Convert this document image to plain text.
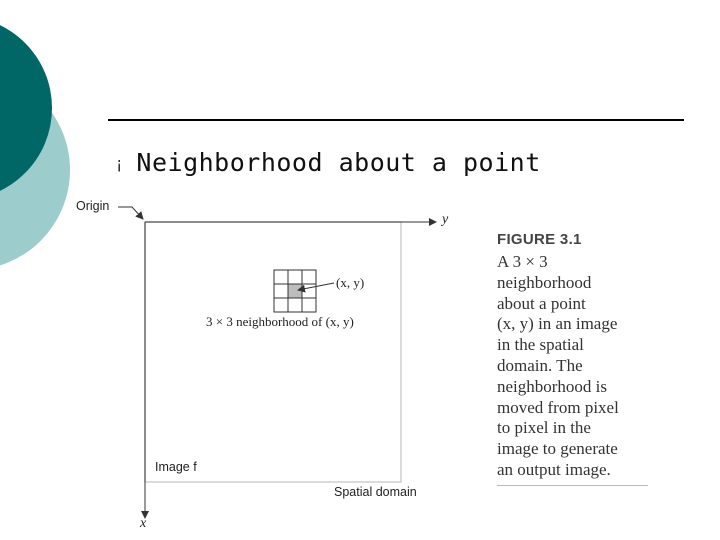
¡ Neighborhood about a point
Origin
y
x
(x, y)
3 × 3 neighborhood of (x, y)
Image f
Spatial domain
FIGURE 3.1
A 3 × 3
neighborhood
about a point
(x, y) in an image
in the spatial
domain. The
neighborhood is
moved from pixel
to pixel in the
image to generate
an output image.
